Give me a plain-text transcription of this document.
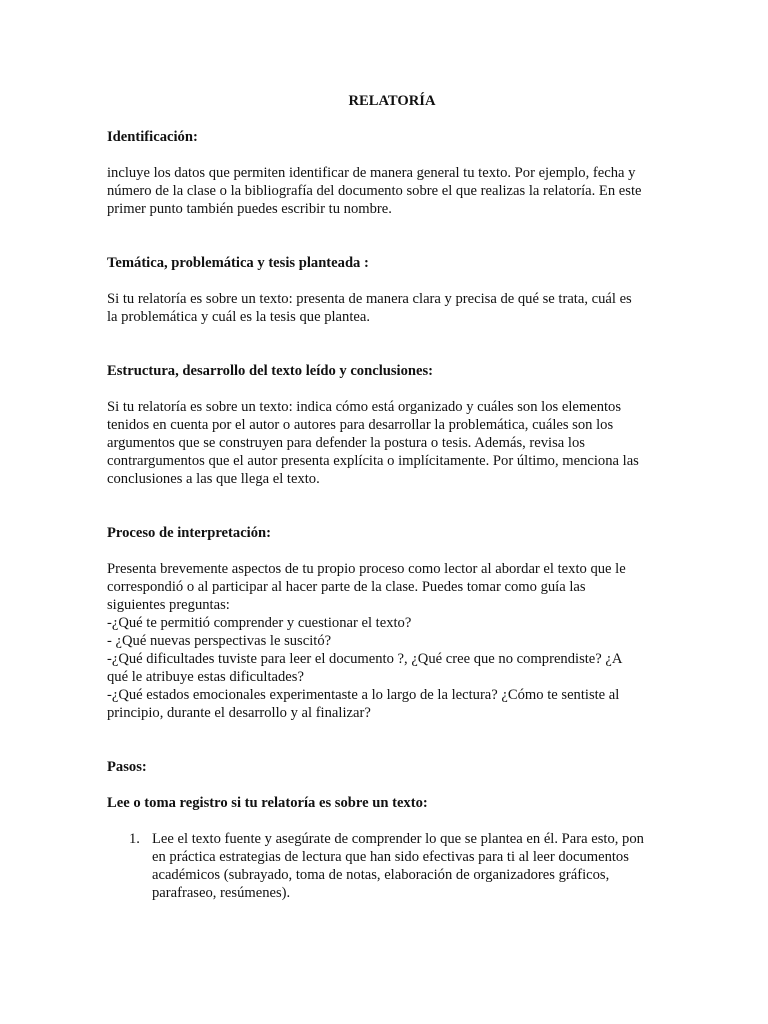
RELATORÍA
Identificación:
incluye los datos que permiten identificar de manera general tu texto. Por ejemplo, fecha y
número de la clase o la bibliografía del documento sobre el que realizas la relatoría. En este
primer punto también puedes escribir tu nombre.
Temática, problemática y tesis planteada :
Si tu relatoría es sobre un texto: presenta de manera clara y precisa de qué se trata, cuál es
la problemática y cuál es la tesis que plantea.
Estructura, desarrollo del texto leído y conclusiones:
Si tu relatoría es sobre un texto: indica cómo está organizado y cuáles son los elementos
tenidos en cuenta por el autor o autores para desarrollar la problemática, cuáles son los
argumentos que se construyen para defender la postura o tesis. Además, revisa los
contrargumentos que el autor presenta explícita o implícitamente. Por último, menciona las
conclusiones a las que llega el texto.
Proceso de interpretación:
Presenta brevemente aspectos de tu propio proceso como lector al abordar el texto que le
correspondió o al participar al hacer parte de la clase. Puedes tomar como guía las
siguientes preguntas:
-¿Qué te permitió comprender y cuestionar el texto?
- ¿Qué nuevas perspectivas le suscitó?
-¿Qué dificultades tuviste para leer el documento ?, ¿Qué cree que no comprendiste? ¿A
qué le atribuye estas dificultades?
-¿Qué estados emocionales experimentaste a lo largo de la lectura? ¿Cómo te sentiste al
principio, durante el desarrollo y al finalizar?
Pasos:
Lee o toma registro si tu relatoría es sobre un texto:
1. Lee el texto fuente y asegúrate de comprender lo que se plantea en él. Para esto, pon
en práctica estrategias de lectura que han sido efectivas para ti al leer documentos
académicos (subrayado, toma de notas, elaboración de organizadores gráficos,
parafraseo, resúmenes).
